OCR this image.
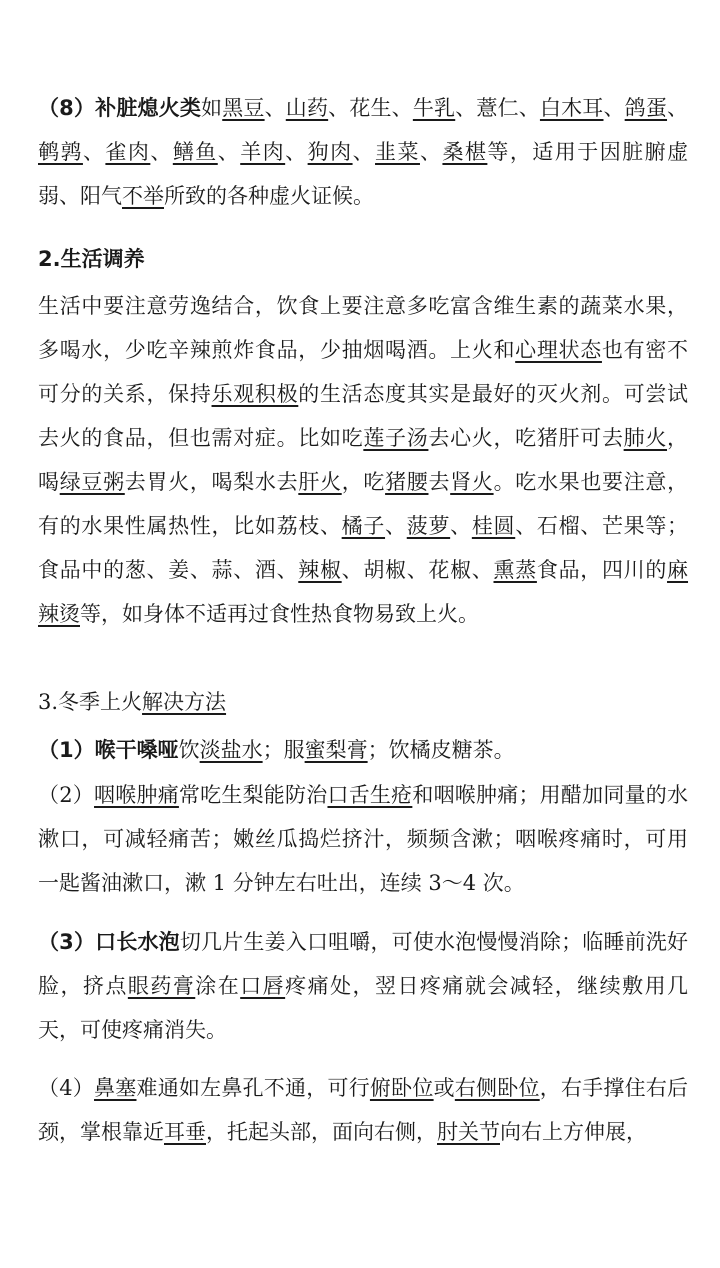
（8）补脏熄火类如黑豆、山药、花生、牛乳、薏仁、白木耳、鸽蛋、鹌鹑、雀肉、鳝鱼、羊肉、狗肉、韭菜、桑椹等，适用于因脏腑虚弱、阳气不举所致的各种虚火证候。
2.生活调养
生活中要注意劳逸结合，饮食上要注意多吃富含维生素的蔬菜水果，多喝水，少吃辛辣煎炸食品，少抽烟喝酒。上火和心理状态也有密不可分的关系，保持乐观积极的生活态度其实是最好的灭火剂。可尝试去火的食品，但也需对症。比如吃莲子汤去心火，吃猪肝可去肺火，喝绿豆粥去胃火，喝梨水去肝火，吃猪腰去肾火。吃水果也要注意，有的水果性属热性，比如荔枝、橘子、菠萝、桂圆、石榴、芒果等；食品中的葱、姜、蒜、酒、辣椒、胡椒、花椒、熏蒸食品，四川的麻辣烫等，如身体不适再过食性热食物易致上火。
3.冬季上火解决方法
（1）喉干嗓哑饮淡盐水；服蜜梨膏；饮橘皮糖茶。
（2）咽喉肿痛常吃生梨能防治口舌生疮和咽喉肿痛；用醋加同量的水漱口，可减轻痛苦；嫩丝瓜捣烂挤汁，频频含漱；咽喉疼痛时，可用一匙酱油漱口，漱 1 分钟左右吐出，连续 3～4 次。
（3）口长水泡切几片生姜入口咀嚼，可使水泡慢慢消除；临睡前洗好脸，挤点眼药膏涂在口唇疼痛处，翌日疼痛就会减轻，继续敷用几天，可使疼痛消失。
（4）鼻塞难通如左鼻孔不通，可行俯卧位或右侧卧位，右手撑住右后颈，掌根靠近耳垂，托起头部，面向右侧，肘关节向右上方伸展，
